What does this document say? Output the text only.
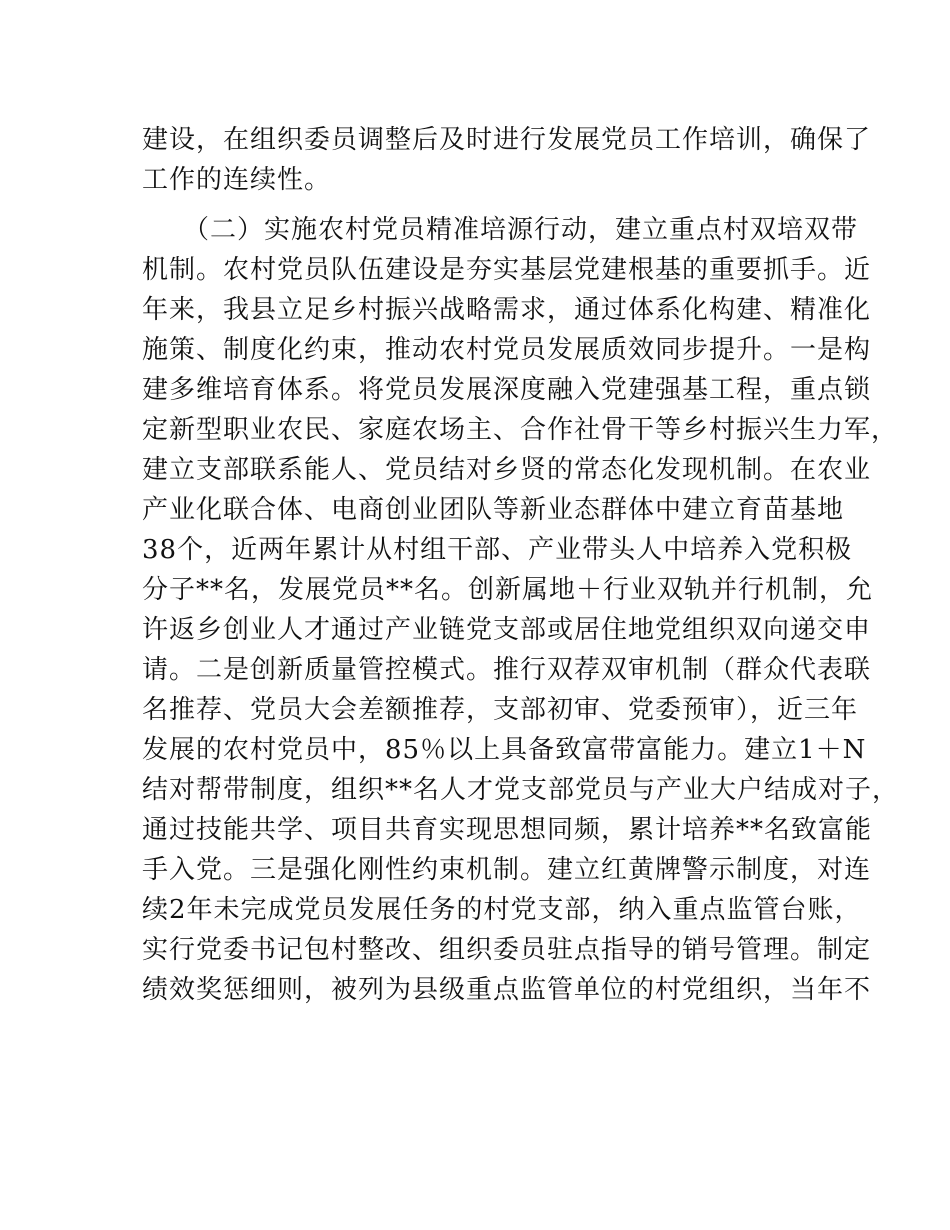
建设，在组织委员调整后及时进行发展党员工作培训，确保了
工作的连续性。
　　（二）实施农村党员精准培源行动，建立重点村双培双带
机制。农村党员队伍建设是夯实基层党建根基的重要抓手。近
年来，我县立足乡村振兴战略需求，通过体系化构建、精准化
施策、制度化约束，推动农村党员发展质效同步提升。一是构
建多维培育体系。将党员发展深度融入党建强基工程，重点锁
定新型职业农民、家庭农场主、合作社骨干等乡村振兴生力军，
建立支部联系能人、党员结对乡贤的常态化发现机制。在农业
产业化联合体、电商创业团队等新业态群体中建立育苗基地
38个，近两年累计从村组干部、产业带头人中培养入党积极
分子**名，发展党员**名。创新属地＋行业双轨并行机制，允
许返乡创业人才通过产业链党支部或居住地党组织双向递交申
请。二是创新质量管控模式。推行双荐双审机制（群众代表联
名推荐、党员大会差额推荐，支部初审、党委预审），近三年
发展的农村党员中，85％以上具备致富带富能力。建立1＋N
结对帮带制度，组织**名人才党支部党员与产业大户结成对子，
通过技能共学、项目共育实现思想同频，累计培养**名致富能
手入党。三是强化刚性约束机制。建立红黄牌警示制度，对连
续2年未完成党员发展任务的村党支部，纳入重点监管台账，
实行党委书记包村整改、组织委员驻点指导的销号管理。制定
绩效奖惩细则，被列为县级重点监管单位的村党组织，当年不
